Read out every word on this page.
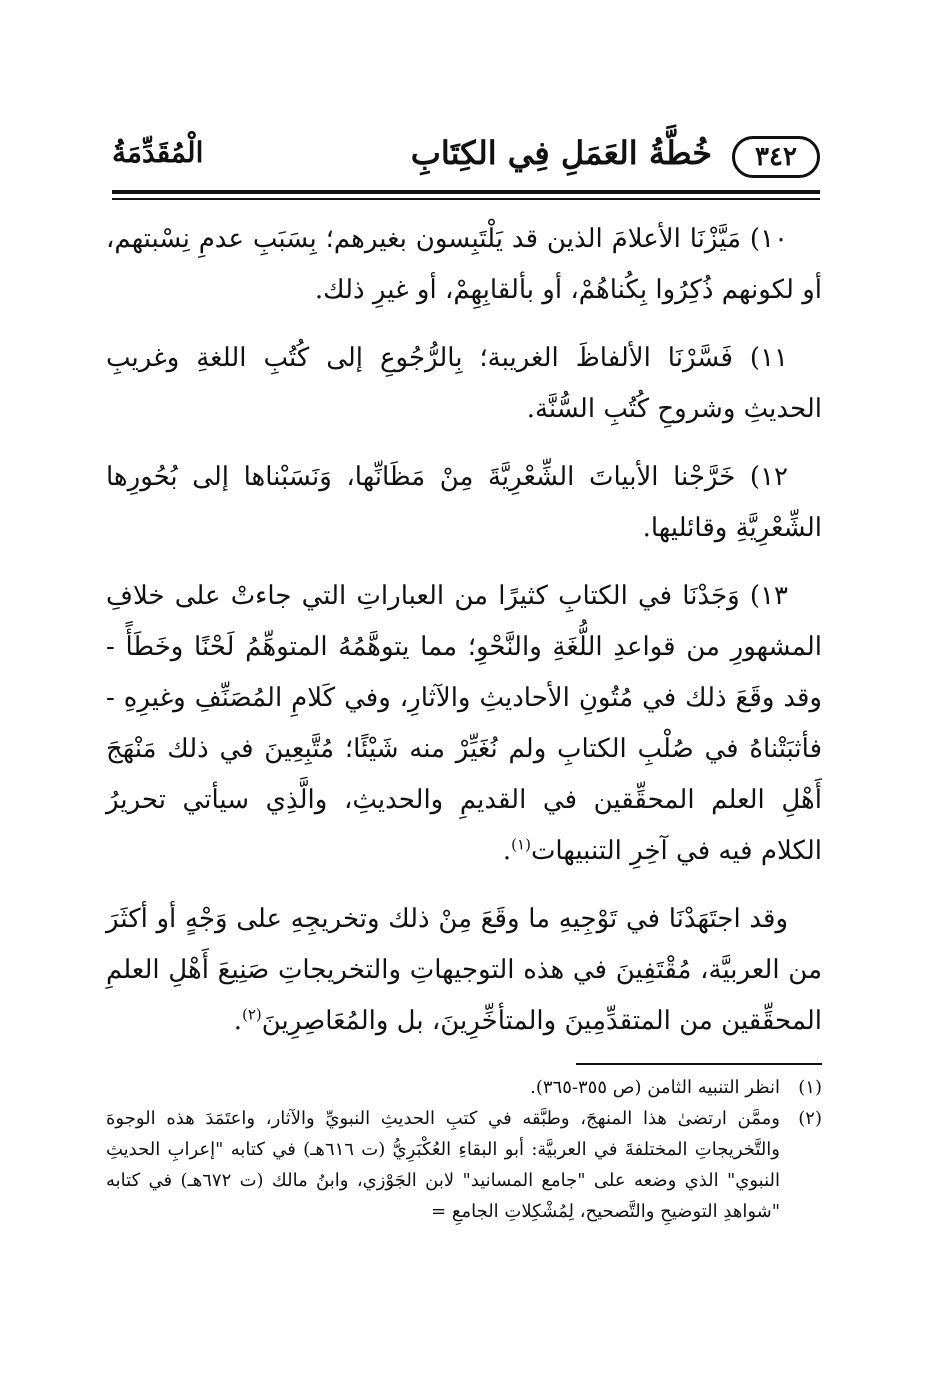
٣٤٢
خُطَّةُ العَمَلِ فِي الكِتَابِ
الْمُقَدِّمَةُ

١٠) مَيَّزْنَا الأعلامَ الذين قد يَلْتَبِسون بغيرهم؛ بِسَبَبِ عدمِ نِسْبتهم، أو لكونهم ذُكِرُوا بِكُناهُمْ، أو بألقابِهِمْ، أو غيرِ ذلك.

١١) فَسَّرْنَا الألفاظَ الغريبة؛ بِالرُّجُوعِ إلى كُتُبِ اللغةِ وغريبِ الحديثِ وشروحِ كُتُبِ السُّنَّة.

١٢) خَرَّجْنا الأبياتَ الشِّعْرِيَّةَ مِنْ مَظَانِّها، وَنَسَبْناها إلى بُحُورِها الشِّعْرِيَّةِ وقائليها.

١٣) وَجَدْنَا في الكتابِ كثيرًا من العباراتِ التي جاءتْ على خلافِ المشهورِ من قواعدِ اللُّغَةِ والنَّحْوِ؛ مما يتوهَّمُهُ المتوهِّمُ لَحْنًا وخَطَأً - وقد وقَعَ ذلك في مُتُونِ الأحاديثِ والآثارِ، وفي كَلامِ المُصَنِّفِ وغيرِهِ - فأثبَتْناهُ في صُلْبِ الكتابِ ولم نُغَيِّرْ منه شَيْئًا؛ مُتَّبِعِينَ في ذلك مَنْهَجَ أَهْلِ العلم المحقِّقين في القديمِ والحديثِ، والَّذِي سيأتي تحريرُ الكلام فيه في آخِرِ التنبيهات$^{(١)}$.

وقد اجتَهَدْنَا في تَوْجِيهِ ما وقَعَ مِنْ ذلك وتخريجِهِ على وَجْهٍ أو أكثَرَ من العربيَّة، مُقْتَفِينَ في هذه التوجيهاتِ والتخريجاتِ صَنِيعَ أَهْلِ العلمِ المحقِّقين من المتقدِّمِينَ والمتأخِّرِينَ، بل والمُعَاصِرِينَ$^{(٢)}$.

(١)
انظر التنبيه الثامن (ص ٣٥٥-٣٦٥).
(٢)
وممَّن ارتضىٰ هذا المنهجَ، وطبَّقه في كتبِ الحديثِ النبويِّ والآثار، واعتَمَدَ هذه الوجوهَ والتَّخريجاتِ المختلفةَ في العربيَّة: أبو البقاءِ العُكْبَرِيُّ (ت ٦١٦هـ) في كتابه "إعرابِ الحديثِ النبوي" الذي وضعه على "جامع المسانيد" لابن الجَوْزي، وابنُ مالك (ت ٦٧٢هـ) في كتابه "شواهدِ التوضيحِ والتَّصحيح، لِمُشْكِلاتِ الجامعِ =
